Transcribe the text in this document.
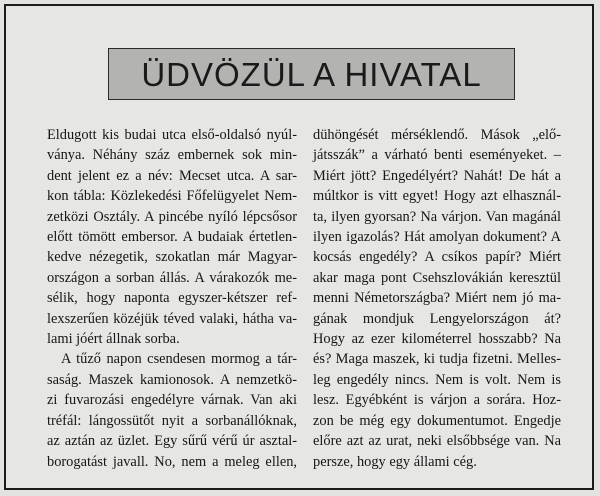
ÜDVÖZÜL A HIVATAL
Eldugott kis budai utca első-oldalsó nyúl-
ványa. Néhány száz embernek sok min-
dent jelent ez a név: Mecset utca. A sar-
kon tábla: Közlekedési Főfelügyelet Nem-
zetközi Osztály. A pincébe nyíló lépcsősor
előtt tömött embersor. A budaiak értetlen-
kedve nézegetik, szokatlan már Magyar-
országon a sorban állás. A várakozók me-
sélik, hogy naponta egyszer-kétszer ref-
lexszerűen közéjük téved valaki, hátha va-
lami jóért állnak sorba.
A tűző napon csendesen mormog a tár-
saság. Maszek kamionosok. A nemzetkö-
zi fuvarozási engedélyre várnak. Van aki
tréfál: lángossütőt nyit a sorbanállóknak,
az aztán az üzlet. Egy sűrű vérű úr asztal-
borogatást javall. No, nem a meleg ellen,
dühöngését mérséklendő. Mások „elő-
játsszák” a várható benti eseményeket. –
Miért jött? Engedélyért? Nahát! De hát a
múltkor is vitt egyet! Hogy azt elhasznál-
ta, ilyen gyorsan? Na várjon. Van magánál
ilyen igazolás? Hát amolyan dokument? A
kocsás engedély? A csíkos papír? Miért
akar maga pont Csehszlovákián keresztül
menni Németországba? Miért nem jó ma-
gának mondjuk Lengyelországon át?
Hogy az ezer kilométerrel hosszabb? Na
és? Maga maszek, ki tudja fizetni. Melles-
leg engedély nincs. Nem is volt. Nem is
lesz. Egyébként is várjon a sorára. Hoz-
zon be még egy dokumentumot. Engedje
előre azt az urat, neki elsőbbsége van. Na
persze, hogy egy állami cég.
